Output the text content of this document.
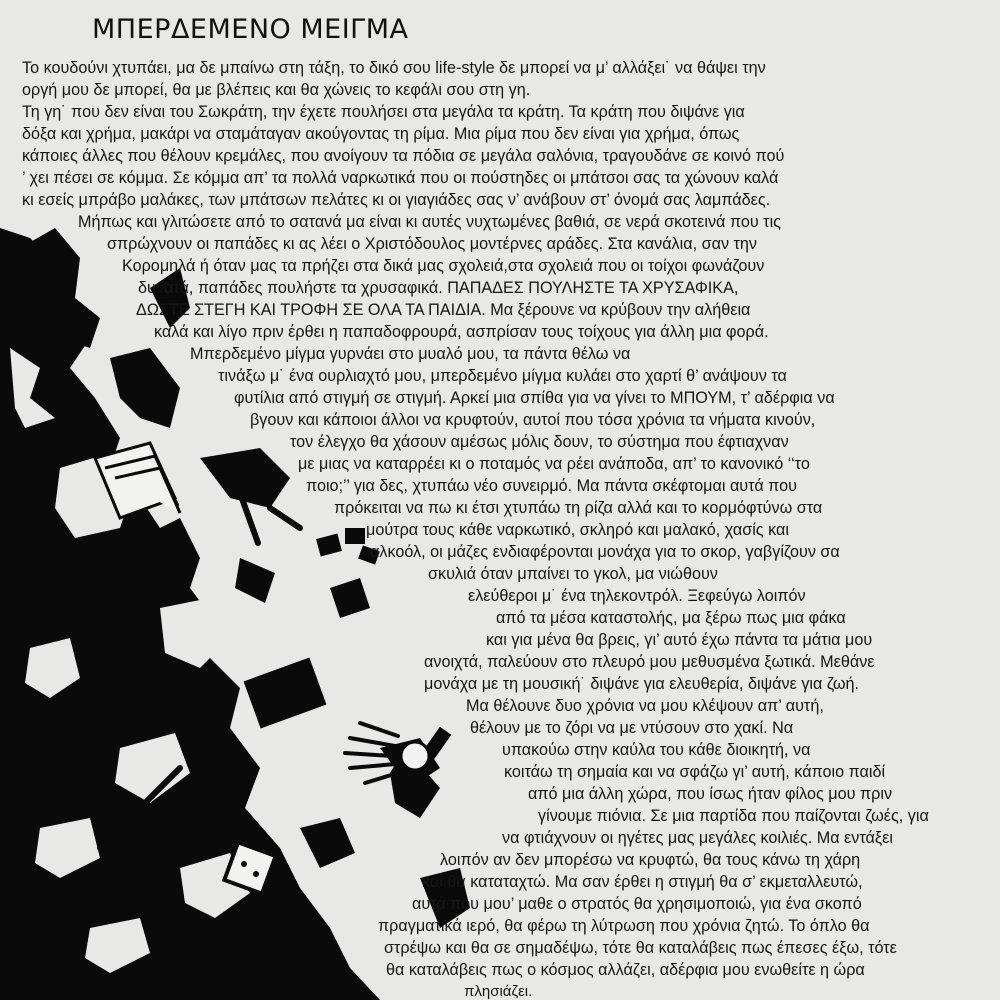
ΜΠΕΡΔΕΜΕΝΟ ΜΕΙΓΜΑ
Το κουδούνι χτυπάει, μα δε μπαίνω στη τάξη, το δικό σου life-style δε μπορεί να μ’ αλλάξει˙ να θάψει την
οργή μου δε μπορεί, θα με βλέπεις και θα χώνεις το κεφάλι σου στη γη.
Τη γη˙ που δεν είναι του Σωκράτη, την έχετε πουλήσει στα μεγάλα τα κράτη. Τα κράτη που διψάνε για
δόξα και χρήμα, μακάρι να σταμάταγαν ακούγοντας τη ρίμα. Μια ρίμα που δεν είναι για χρήμα, όπως
κάποιες άλλες που θέλουν κρεμάλες, που ανοίγουν τα πόδια σε μεγάλα σαλόνια, τραγουδάνε σε κοινό πού
’ χει πέσει σε κόμμα. Σε κόμμα απ’ τα πολλά ναρκωτικά που οι πούστηδες οι μπάτσοι σας τα χώνουν καλά
κι εσείς μπράβο μαλάκες, των μπάτσων πελάτες κι οι γιαγιάδες σας ν’ ανάβουν στ’ όνομά σας λαμπάδες.
Μήπως και γλιτώσετε από το σατανά μα είναι κι αυτές νυχτωμένες βαθιά, σε νερά σκοτεινά που τις
σπρώχνουν οι παπάδες κι ας λέει ο Χριστόδουλος μοντέρνες αράδες. Στα κανάλια, σαν την
Κορομηλά ή όταν μας τα πρήζει στα δικά μας σχολειά,στα σχολειά που οι τοίχοι φωνάζουν
δυνατά, παπάδες πουλήστε τα χρυσαφικά. ΠΑΠΑΔΕΣ ΠΟΥΛΗΣΤΕ ΤΑ ΧΡΥΣΑΦΙΚΑ,
ΔΩΣΤΕ ΣΤΕΓΗ ΚΑΙ ΤΡΟΦΗ ΣΕ ΟΛΑ ΤΑ ΠΑΙΔΙΑ. Μα ξέρουνε να κρύβουν την αλήθεια
καλά και λίγο πριν έρθει η παπαδοφρουρά, ασπρίσαν τους τοίχους για άλλη μια φορά.
Μπερδεμένο μίγμα γυρνάει στο μυαλό μου, τα πάντα θέλω να
τινάξω μ˙ ένα ουρλιαχτό μου, μπερδεμένο μίγμα κυλάει στο χαρτί θ’ ανάψουν τα
φυτίλια από στιγμή σε στιγμή. Αρκεί μια σπίθα για να γίνει το ΜΠΟΥΜ, τ’ αδέρφια να
βγουν και κάποιοι άλλοι να κρυφτούν, αυτοί που τόσα χρόνια τα νήματα κινούν,
τον έλεγχο θα χάσουν αμέσως μόλις δουν, το σύστημα που έφτιαχναν
με μιας να καταρρέει κι ο ποταμός να ρέει ανάποδα, απ’ το κανονικό ‘‘το
ποιο;’’ για δες, χτυπάω νέο συνειρμό. Μα πάντα σκέφτομαι αυτά που
πρόκειται να πω κι έτσι χτυπάω τη ρίζα αλλά και το κορμόφτύνω στα
μούτρα τους κάθε ναρκωτικό, σκληρό και μαλακό, χασίς και
αλκοόλ, οι μάζες ενδιαφέρονται μονάχα για το σκορ, γαβγίζουν σα
σκυλιά όταν μπαίνει το γκολ, μα νιώθουν
ελεύθεροι μ˙ ένα τηλεκοντρόλ. Ξεφεύγω λοιπόν
από τα μέσα καταστολής, μα ξέρω πως μια φάκα
και για μένα θα βρεις, γι’ αυτό έχω πάντα τα μάτια μου
ανοιχτά, παλεύουν στο πλευρό μου μεθυσμένα ξωτικά. Μεθάνε
μονάχα με τη μουσική˙ διψάνε για ελευθερία, διψάνε για ζωή.
Μα θέλουνε δυο χρόνια να μου κλέψουν απ’ αυτή,
θέλουν με το ζόρι να με ντύσουν στο χακί. Να
υπακούω στην καύλα του κάθε διοικητή, να
κοιτάω τη σημαία και να σφάζω γι’ αυτή, κάποιο παιδί
από μια άλλη χώρα, που ίσως ήταν φίλος μου πριν
γίνουμε πιόνια. Σε μια παρτίδα που παίζονται ζωές, για
να φτιάχνουν οι ηγέτες μας μεγάλες κοιλιές. Μα εντάξει
λοιπόν αν δεν μπορέσω να κρυφτώ, θα τους κάνω τη χάρη
και θα καταταχτώ. Μα σαν έρθει η στιγμή θα σ’ εκμεταλλευτώ,
αυτά που μου’ μαθε ο στρατός θα χρησιμοποιώ, για ένα σκοπό
πραγματικά ιερό, θα φέρω τη λύτρωση που χρόνια ζητώ. Το όπλο θα
στρέψω και θα σε σημαδέψω, τότε θα καταλάβεις πως έπεσες έξω, τότε
θα καταλάβεις πως ο κόσμος αλλάζει, αδέρφια μου ενωθείτε η ώρα
πλησιάζει.
